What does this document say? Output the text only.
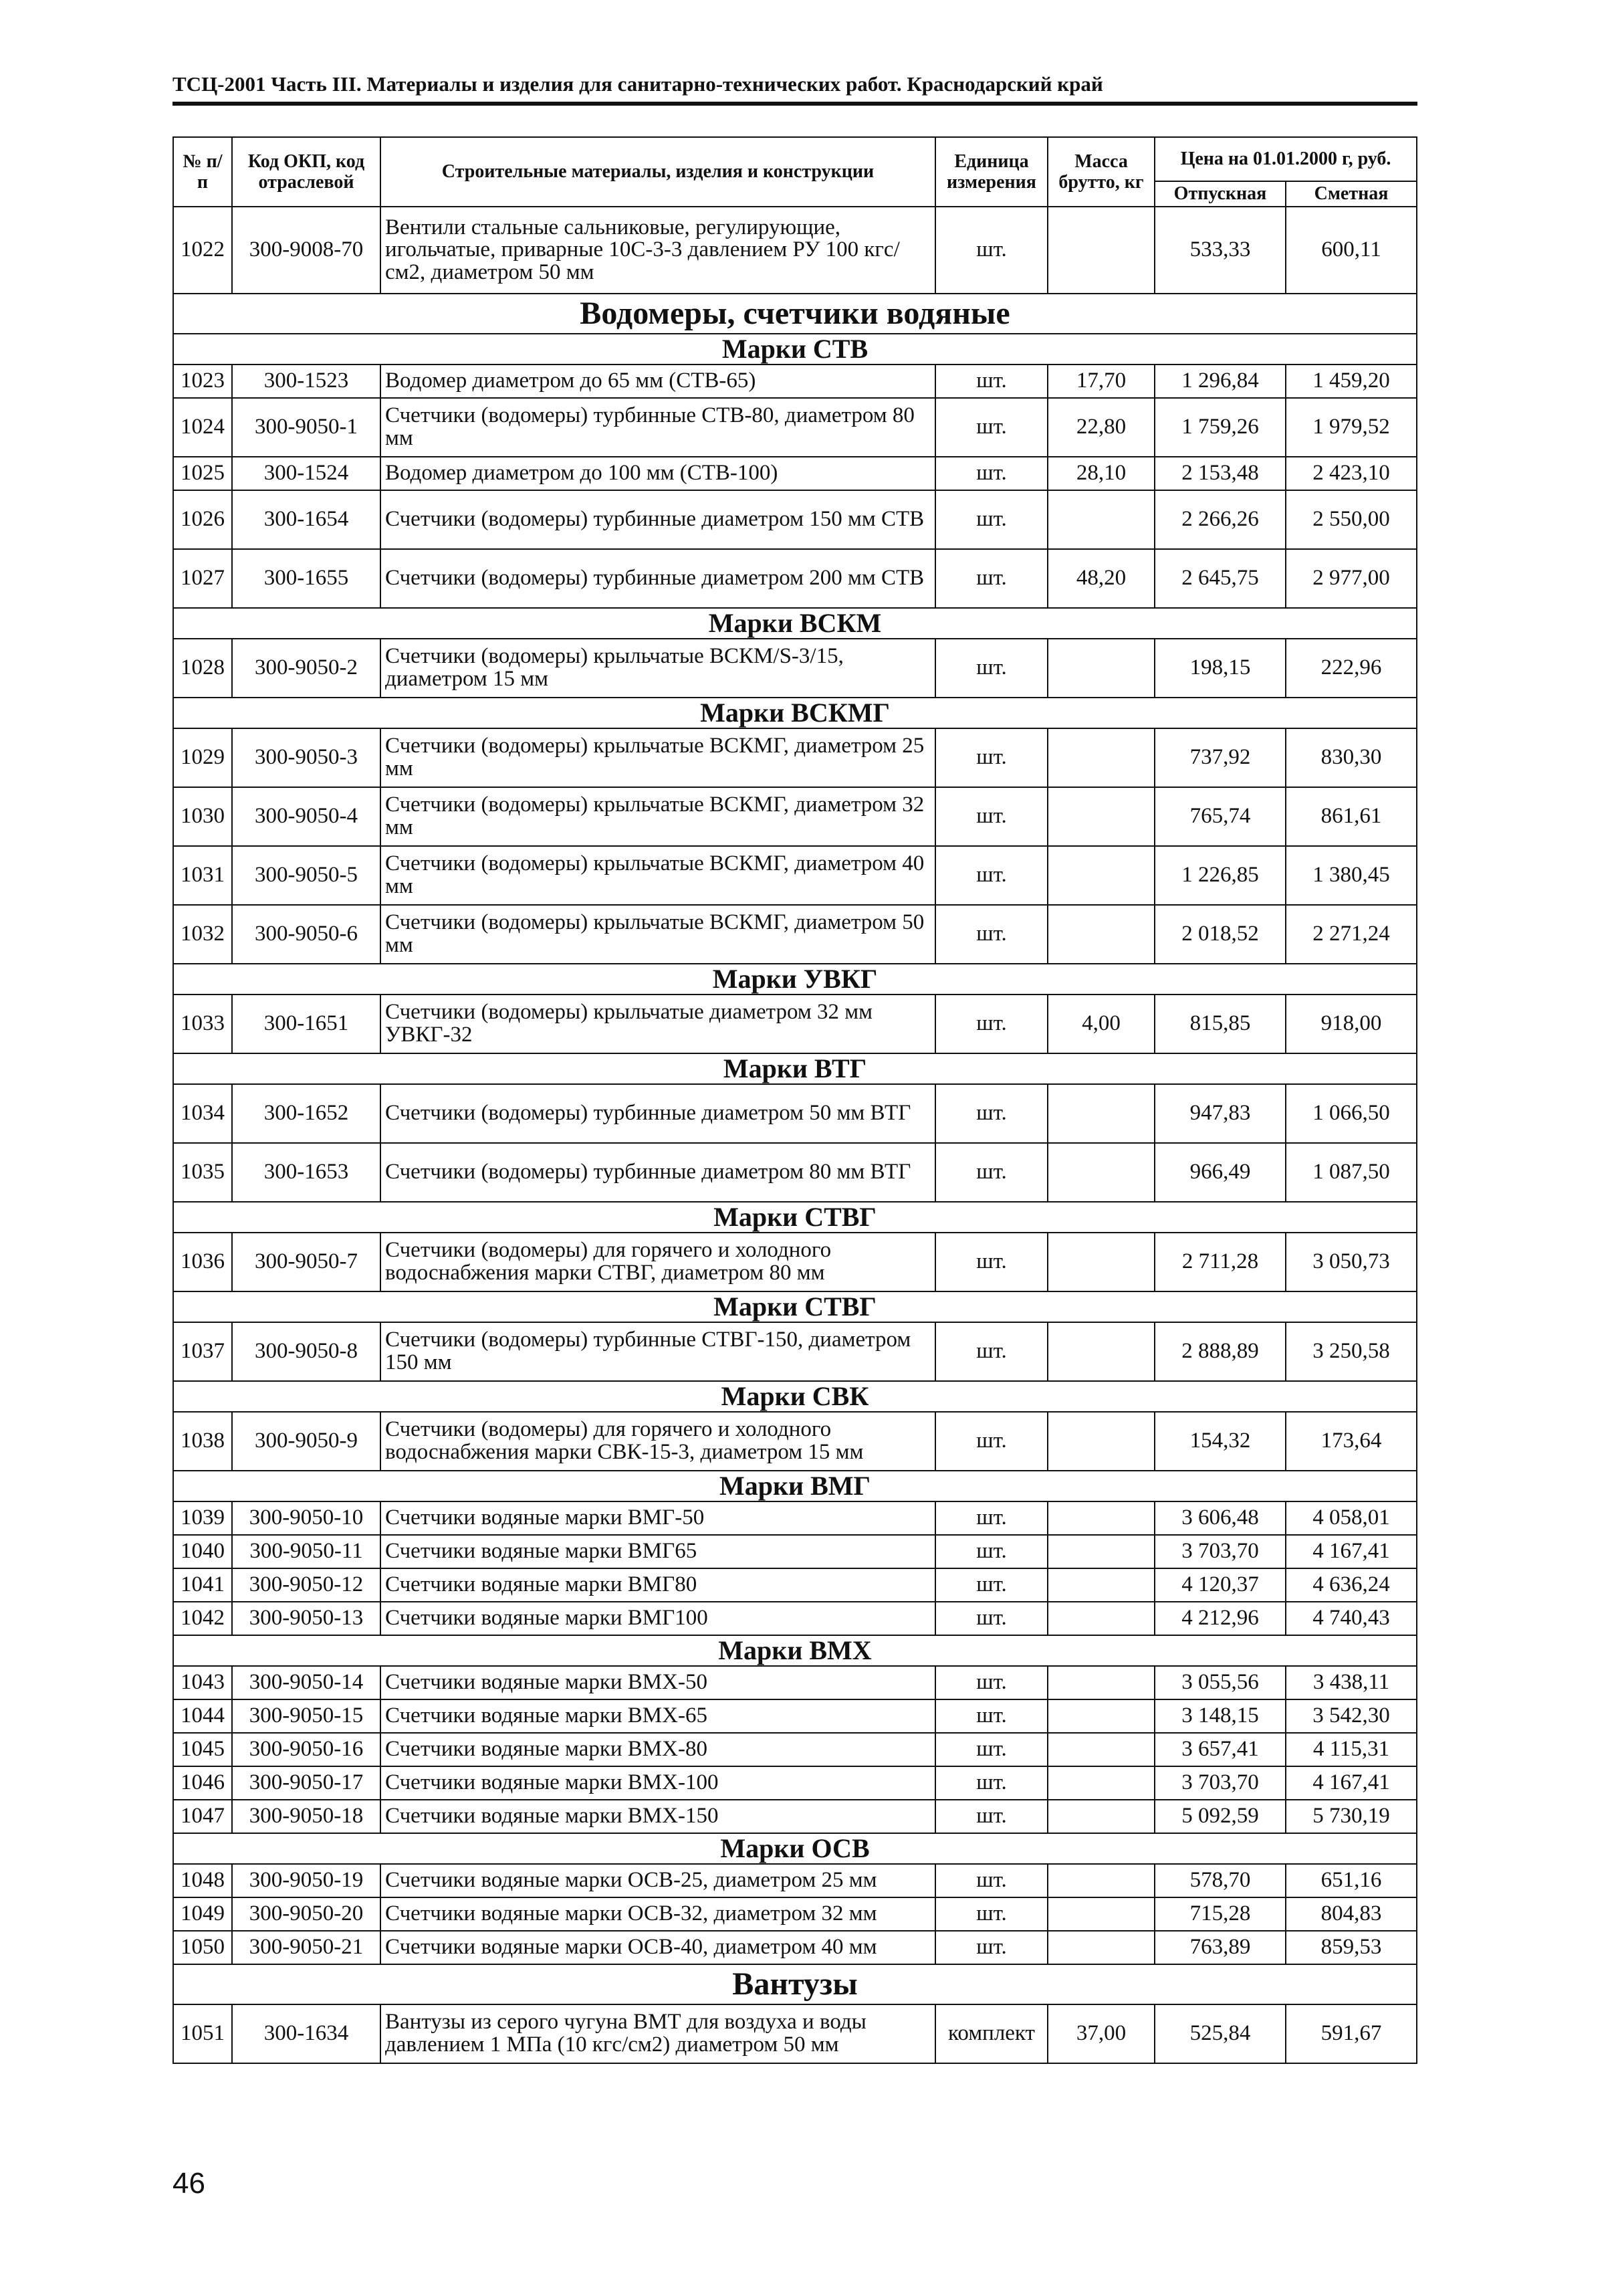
ТСЦ-2001 Часть III. Материалы и изделия для санитарно-технических работ. Краснодарский край
№ п/п	Код ОКП, код отраслевой	Строительные материалы, изделия и конструкции	Единица измерения	Масса брутто, кг	Цена на 01.01.2000 г, руб.	
					Отпускная	Сметная
1022	300-9008-70	Вентили стальные сальниковые, регулирующие, игольчатые, приварные 10С-3-3 давлением РУ 100 кгс/см2, диаметром 50 мм	шт.		533,33	600,11
Водомеры, счетчики водяные						
Марки СТВ						
1023	300-1523	Водомер диаметром до 65 мм (СТВ-65)	шт.	17,70	1 296,84	1 459,20
1024	300-9050-1	Счетчики (водомеры) турбинные СТВ-80, диаметром 80 мм	шт.	22,80	1 759,26	1 979,52
1025	300-1524	Водомер диаметром до 100 мм (СТВ-100)	шт.	28,10	2 153,48	2 423,10
1026	300-1654	Счетчики (водомеры) турбинные диаметром 150 мм СТВ	шт.		2 266,26	2 550,00
1027	300-1655	Счетчики (водомеры) турбинные диаметром 200 мм СТВ	шт.	48,20	2 645,75	2 977,00
Марки ВСКМ						
1028	300-9050-2	Счетчики (водомеры) крыльчатые ВСКМ/S-3/15, диаметром 15 мм	шт.		198,15	222,96
Марки ВСКМГ						
1029	300-9050-3	Счетчики (водомеры) крыльчатые ВСКМГ, диаметром 25 мм	шт.		737,92	830,30
1030	300-9050-4	Счетчики (водомеры) крыльчатые ВСКМГ, диаметром 32 мм	шт.		765,74	861,61
1031	300-9050-5	Счетчики (водомеры) крыльчатые ВСКМГ, диаметром 40 мм	шт.		1 226,85	1 380,45
1032	300-9050-6	Счетчики (водомеры) крыльчатые ВСКМГ, диаметром 50 мм	шт.		2 018,52	2 271,24
Марки УВКГ						
1033	300-1651	Счетчики (водомеры) крыльчатые диаметром 32 мм УВКГ-32	шт.	4,00	815,85	918,00
Марки ВТГ						
1034	300-1652	Счетчики (водомеры) турбинные диаметром 50 мм ВТГ	шт.		947,83	1 066,50
1035	300-1653	Счетчики (водомеры) турбинные диаметром 80 мм ВТГ	шт.		966,49	1 087,50
Марки СТВГ						
1036	300-9050-7	Счетчики (водомеры) для горячего и холодного водоснабжения марки СТВГ, диаметром 80 мм	шт.		2 711,28	3 050,73
Марки СТВГ						
1037	300-9050-8	Счетчики (водомеры) турбинные СТВГ-150, диаметром 150 мм	шт.		2 888,89	3 250,58
Марки СВК						
1038	300-9050-9	Счетчики (водомеры) для горячего и холодного водоснабжения марки СВК-15-3, диаметром 15 мм	шт.		154,32	173,64
Марки ВМГ						
1039	300-9050-10	Счетчики водяные марки ВМГ-50	шт.		3 606,48	4 058,01
1040	300-9050-11	Счетчики водяные марки ВМГ65	шт.		3 703,70	4 167,41
1041	300-9050-12	Счетчики водяные марки ВМГ80	шт.		4 120,37	4 636,24
1042	300-9050-13	Счетчики водяные марки ВМГ100	шт.		4 212,96	4 740,43
Марки ВМХ						
1043	300-9050-14	Счетчики водяные марки ВМХ-50	шт.		3 055,56	3 438,11
1044	300-9050-15	Счетчики водяные марки ВМХ-65	шт.		3 148,15	3 542,30
1045	300-9050-16	Счетчики водяные марки ВМХ-80	шт.		3 657,41	4 115,31
1046	300-9050-17	Счетчики водяные марки ВМХ-100	шт.		3 703,70	4 167,41
1047	300-9050-18	Счетчики водяные марки ВМХ-150	шт.		5 092,59	5 730,19
Марки ОСВ						
1048	300-9050-19	Счетчики водяные марки ОСВ-25, диаметром 25 мм	шт.		578,70	651,16
1049	300-9050-20	Счетчики водяные марки ОСВ-32, диаметром 32 мм	шт.		715,28	804,83
1050	300-9050-21	Счетчики водяные марки ОСВ-40, диаметром 40 мм	шт.		763,89	859,53
Вантузы						
1051	300-1634	Вантузы из серого чугуна ВМТ для воздуха и воды давлением 1 МПа (10 кгс/см2) диаметром 50 мм	комплект	37,00	525,84	591,67
46
